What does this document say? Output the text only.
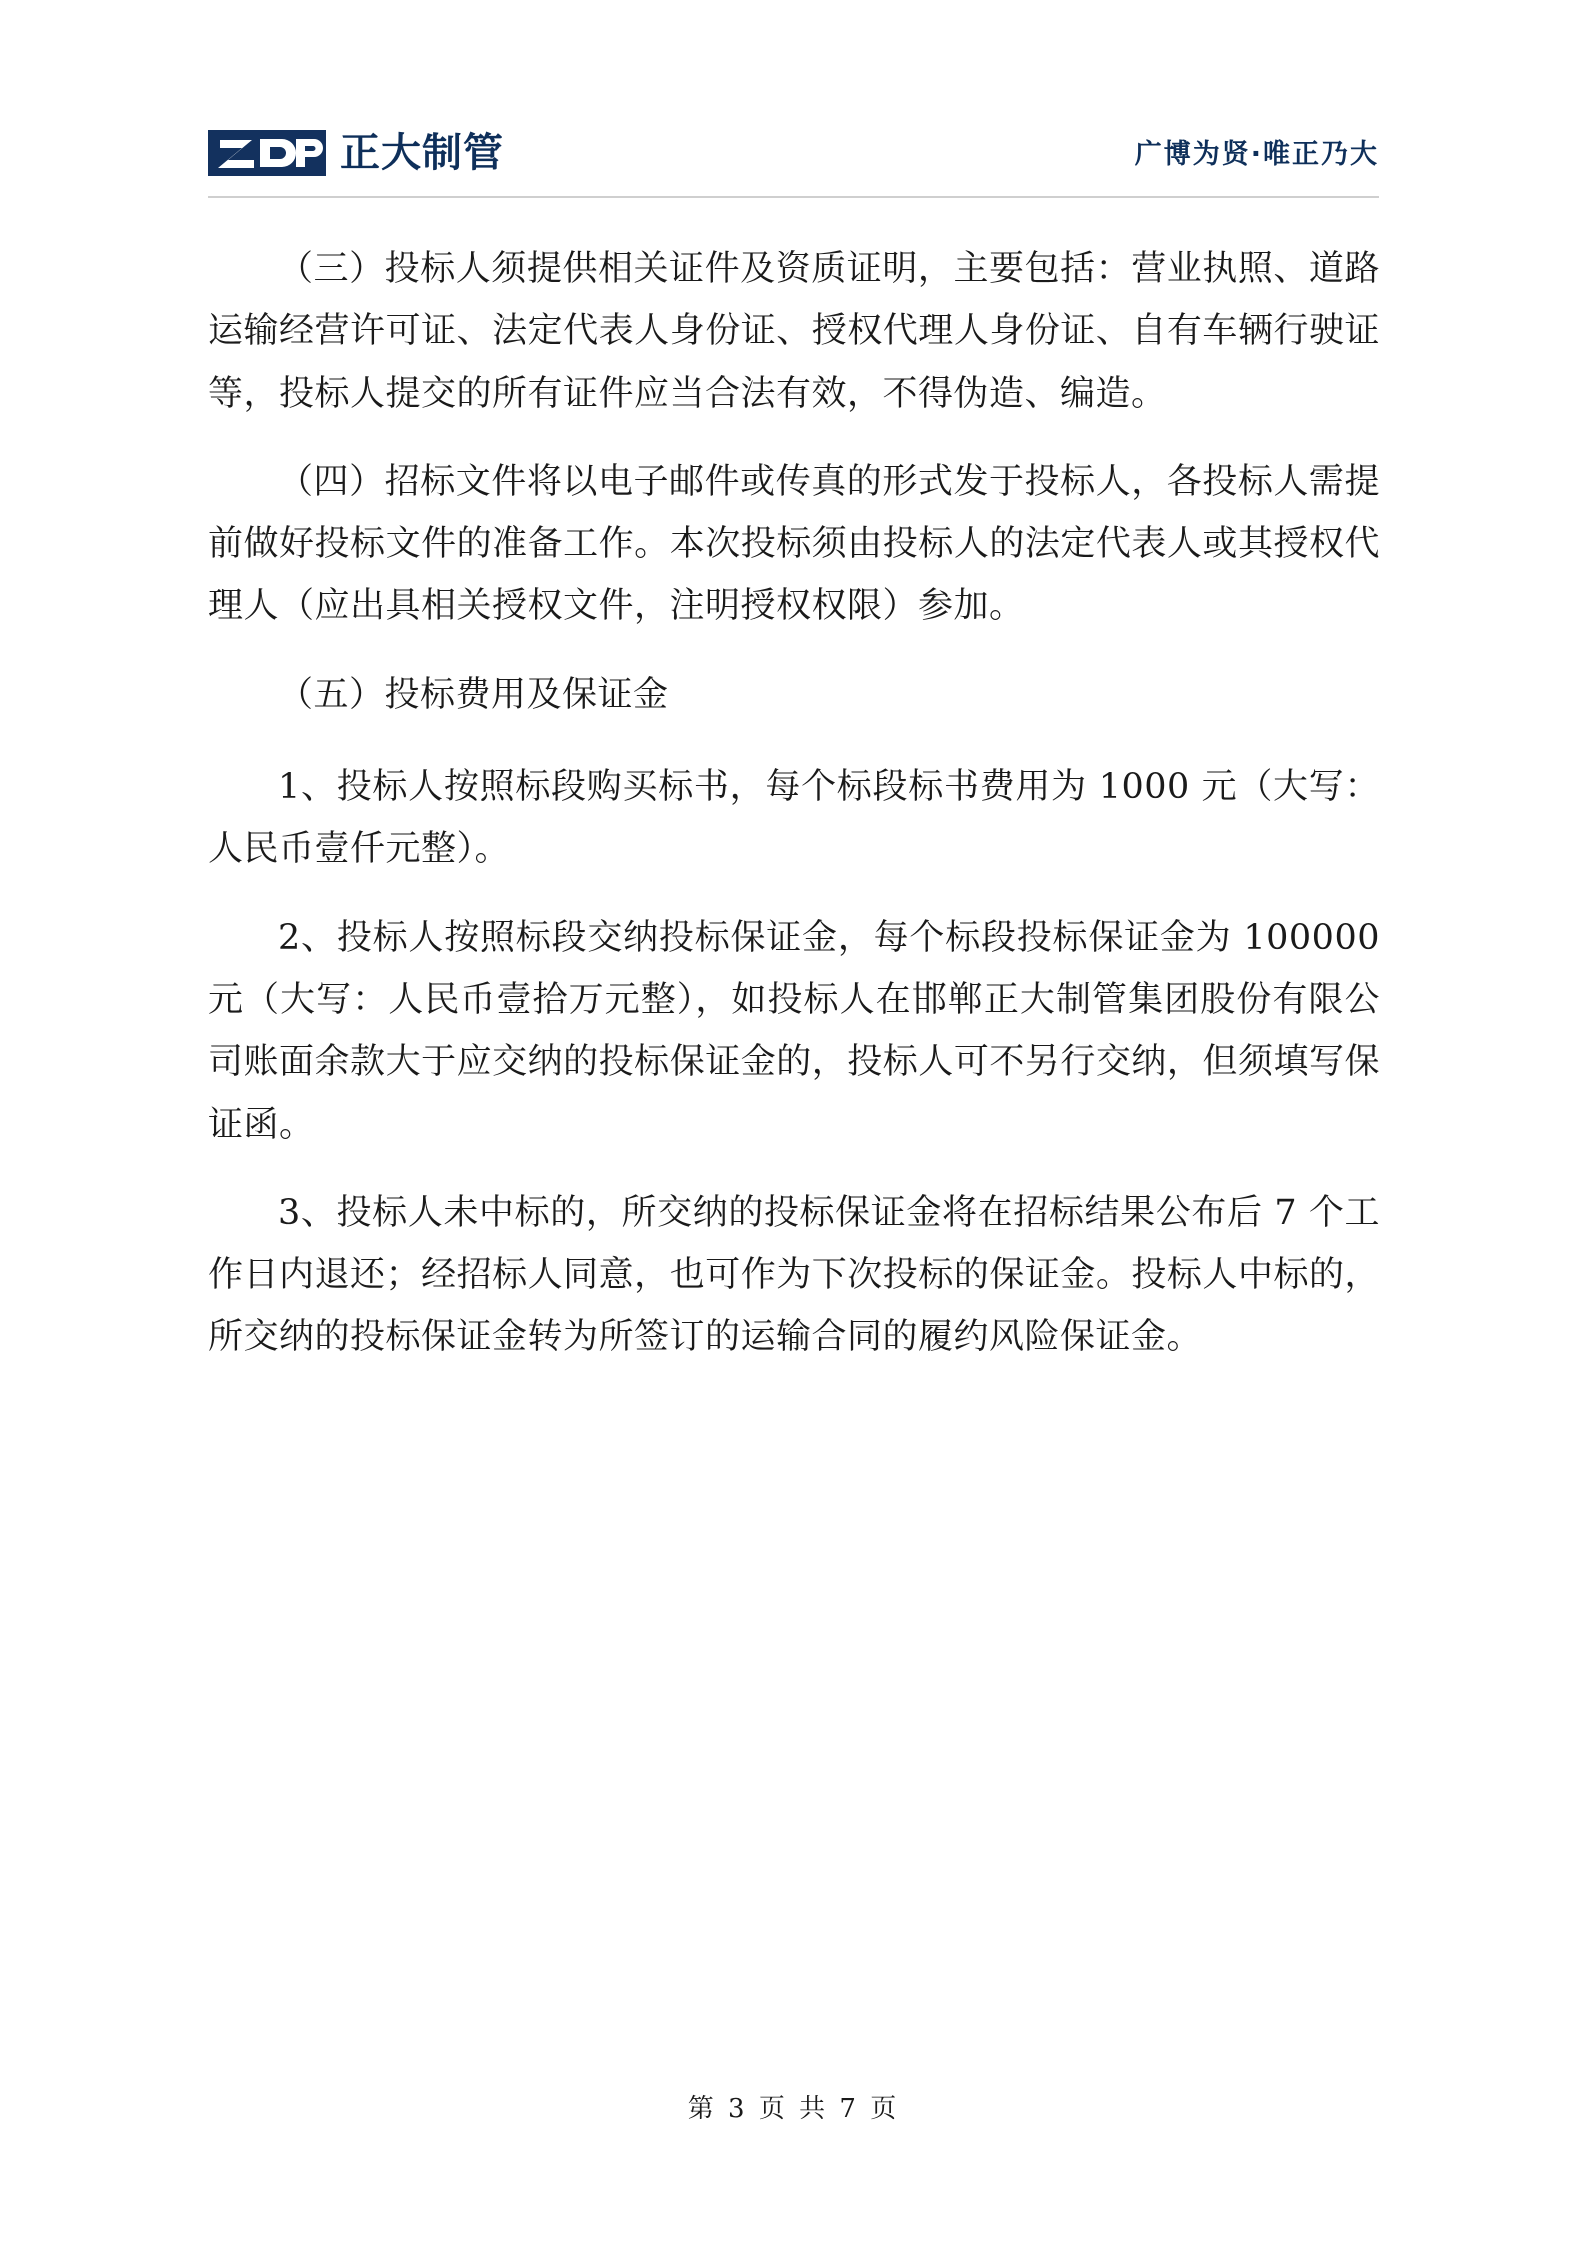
正大制管	广博为贤·唯正乃大

（三）投标人须提供相关证件及资质证明，主要包括：营业执照、道路运输经营许可证、法定代表人身份证、授权代理人身份证、自有车辆行驶证等，投标人提交的所有证件应当合法有效，不得伪造、编造。

（四）招标文件将以电子邮件或传真的形式发于投标人，各投标人需提前做好投标文件的准备工作。本次投标须由投标人的法定代表人或其授权代理人（应出具相关授权文件，注明授权权限）参加。

（五）投标费用及保证金

1、投标人按照标段购买标书，每个标段标书费用为 1000 元（大写：人民币壹仟元整）。

2、投标人按照标段交纳投标保证金，每个标段投标保证金为 100000 元（大写：人民币壹拾万元整），如投标人在邯郸正大制管集团股份有限公司账面余款大于应交纳的投标保证金的，投标人可不另行交纳，但须填写保证函。

3、投标人未中标的，所交纳的投标保证金将在招标结果公布后 7 个工作日内退还；经招标人同意，也可作为下次投标的保证金。投标人中标的，所交纳的投标保证金转为所签订的运输合同的履约风险保证金。

第 3 页 共 7 页
